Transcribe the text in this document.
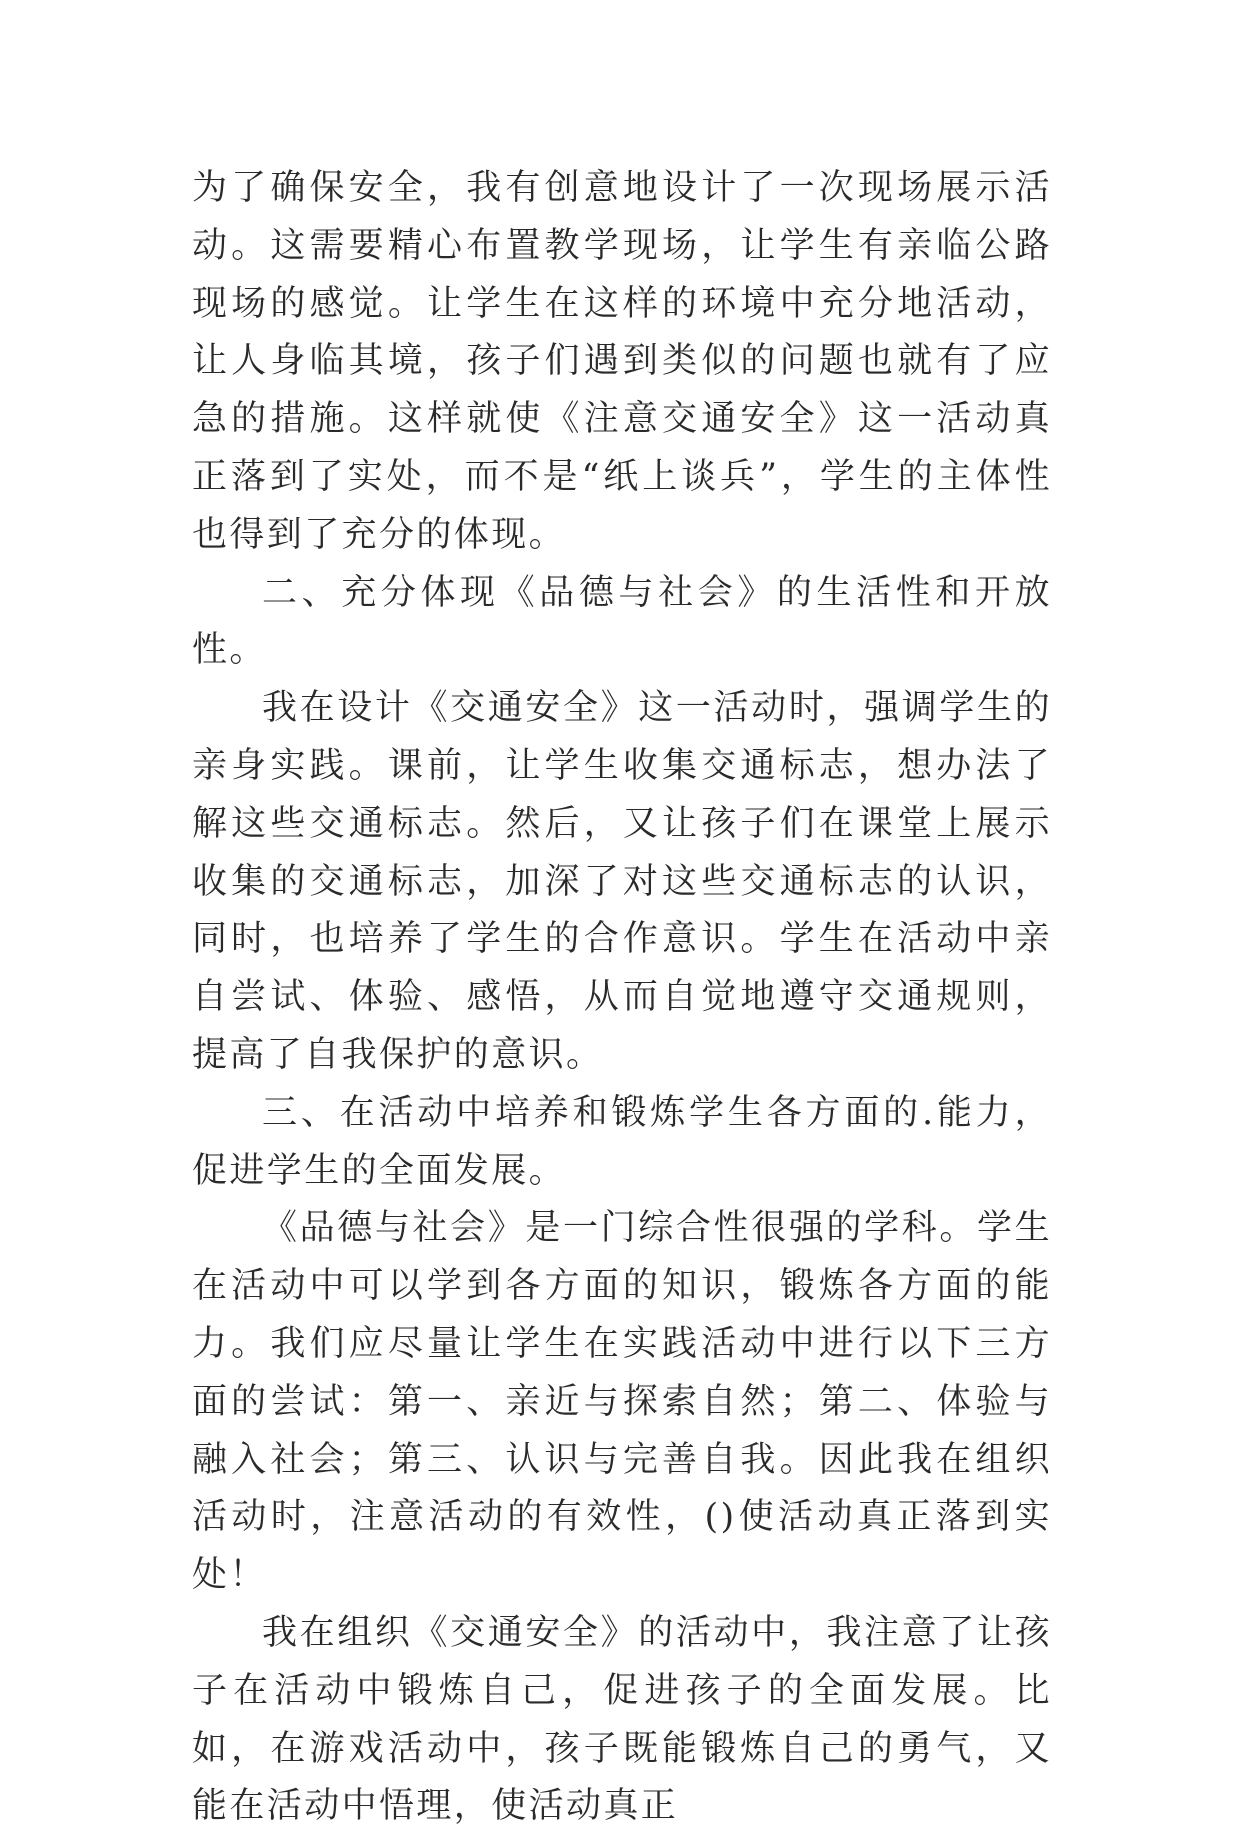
为了确保安全，我有创意地设计了一次现场展示活动。这需要精心布置教学现场，让学生有亲临公路现场的感觉。让学生在这样的环境中充分地活动，让人身临其境，孩子们遇到类似的问题也就有了应急的措施。这样就使《注意交通安全》这一活动真正落到了实处，而不是“纸上谈兵”，学生的主体性也得到了充分的体现。

二、充分体现《品德与社会》的生活性和开放性。

我在设计《交通安全》这一活动时，强调学生的亲身实践。课前，让学生收集交通标志，想办法了解这些交通标志。然后，又让孩子们在课堂上展示收集的交通标志，加深了对这些交通标志的认识，同时，也培养了学生的合作意识。学生在活动中亲自尝试、体验、感悟，从而自觉地遵守交通规则，提高了自我保护的意识。

三、在活动中培养和锻炼学生各方面的.能力，促进学生的全面发展。

《品德与社会》是一门综合性很强的学科。学生在活动中可以学到各方面的知识，锻炼各方面的能力。我们应尽量让学生在实践活动中进行以下三方面的尝试：第一、亲近与探索自然；第二、体验与融入社会；第三、认识与完善自我。因此我在组织活动时，注意活动的有效性，()使活动真正落到实处！

我在组织《交通安全》的活动中，我注意了让孩子在活动中锻炼自己，促进孩子的全面发展。比如，在游戏活动中，孩子既能锻炼自己的勇气，又能在活动中悟理，使活动真正
